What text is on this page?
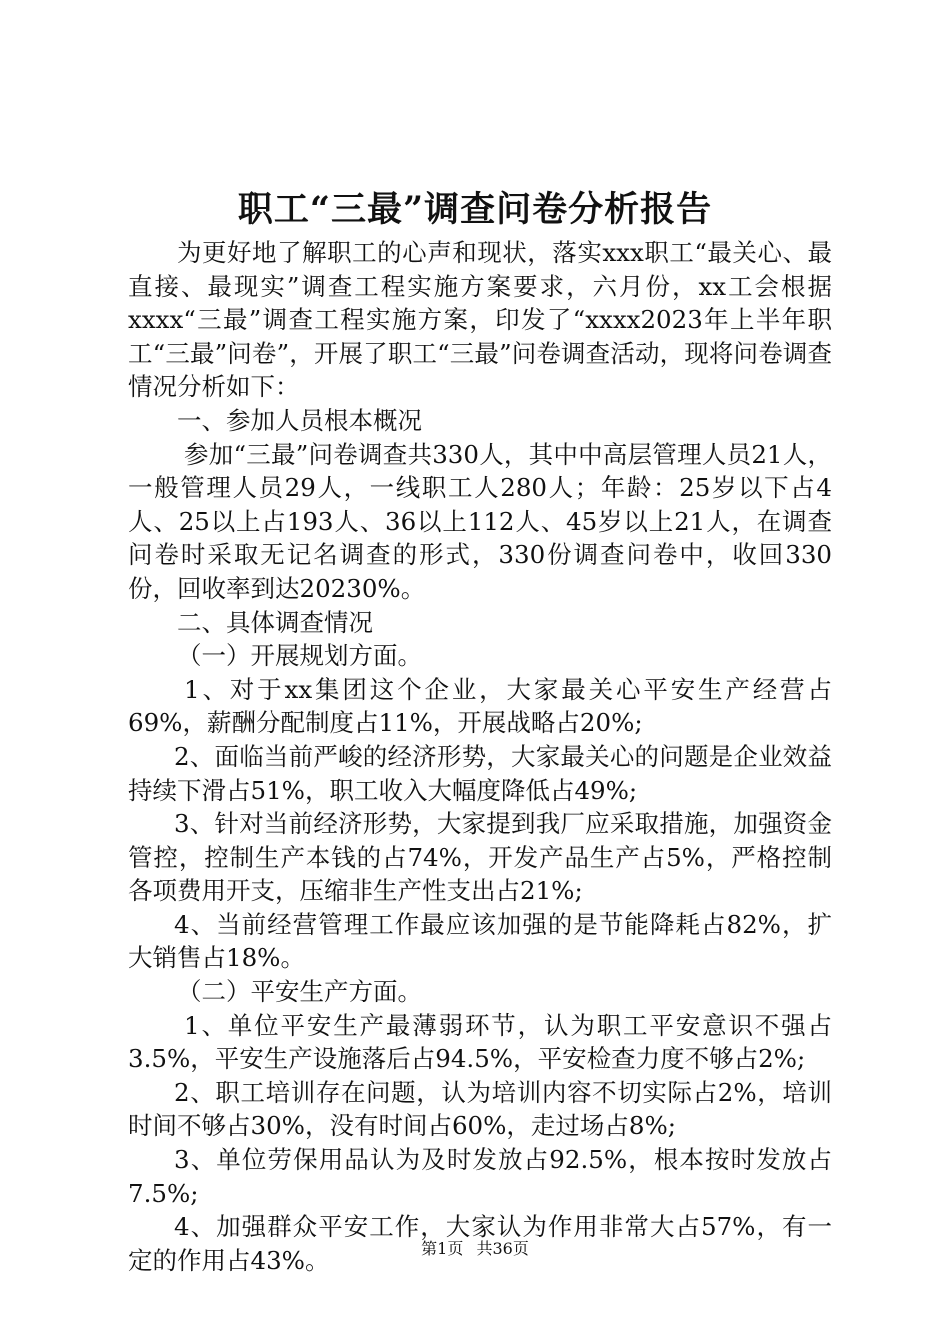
职工“三最”调查问卷分析报告

为更好地了解职工的心声和现状，落实xxx职工“最关心、最直接、最现实”调查工程实施方案要求，六月份，xx工会根据xxxx“三最”调查工程实施方案，印发了“xxxx2023年上半年职工“三最”问卷”，开展了职工“三最”问卷调查活动，现将问卷调查情况分析如下：

一、参加人员根本概况

参加“三最”问卷调查共330人，其中中高层管理人员21人，一般管理人员29人，一线职工人280人；年龄：25岁以下占4人、25以上占193人、36以上112人、45岁以上21人，在调查问卷时采取无记名调查的形式，330份调查问卷中，收回330份，回收率到达20230%。

二、具体调查情况

（一）开展规划方面。

1、对于xx集团这个企业，大家最关心平安生产经营占69%，薪酬分配制度占11%，开展战略占20%;

2、面临当前严峻的经济形势，大家最关心的问题是企业效益持续下滑占51%，职工收入大幅度降低占49%;

3、针对当前经济形势，大家提到我厂应采取措施，加强资金管控，控制生产本钱的占74%，开发产品生产占5%，严格控制各项费用开支，压缩非生产性支出占21%;

4、当前经营管理工作最应该加强的是节能降耗占82%，扩大销售占18%。

（二）平安生产方面。

1、单位平安生产最薄弱环节，认为职工平安意识不强占3.5%，平安生产设施落后占94.5%，平安检查力度不够占2%;

2、职工培训存在问题，认为培训内容不切实际占2%，培训时间不够占30%，没有时间占60%，走过场占8%;

3、单位劳保用品认为及时发放占92.5%，根本按时发放占7.5%;

4、加强群众平安工作，大家认为作用非常大占57%，有一定的作用占43%。	第1页 共36页
